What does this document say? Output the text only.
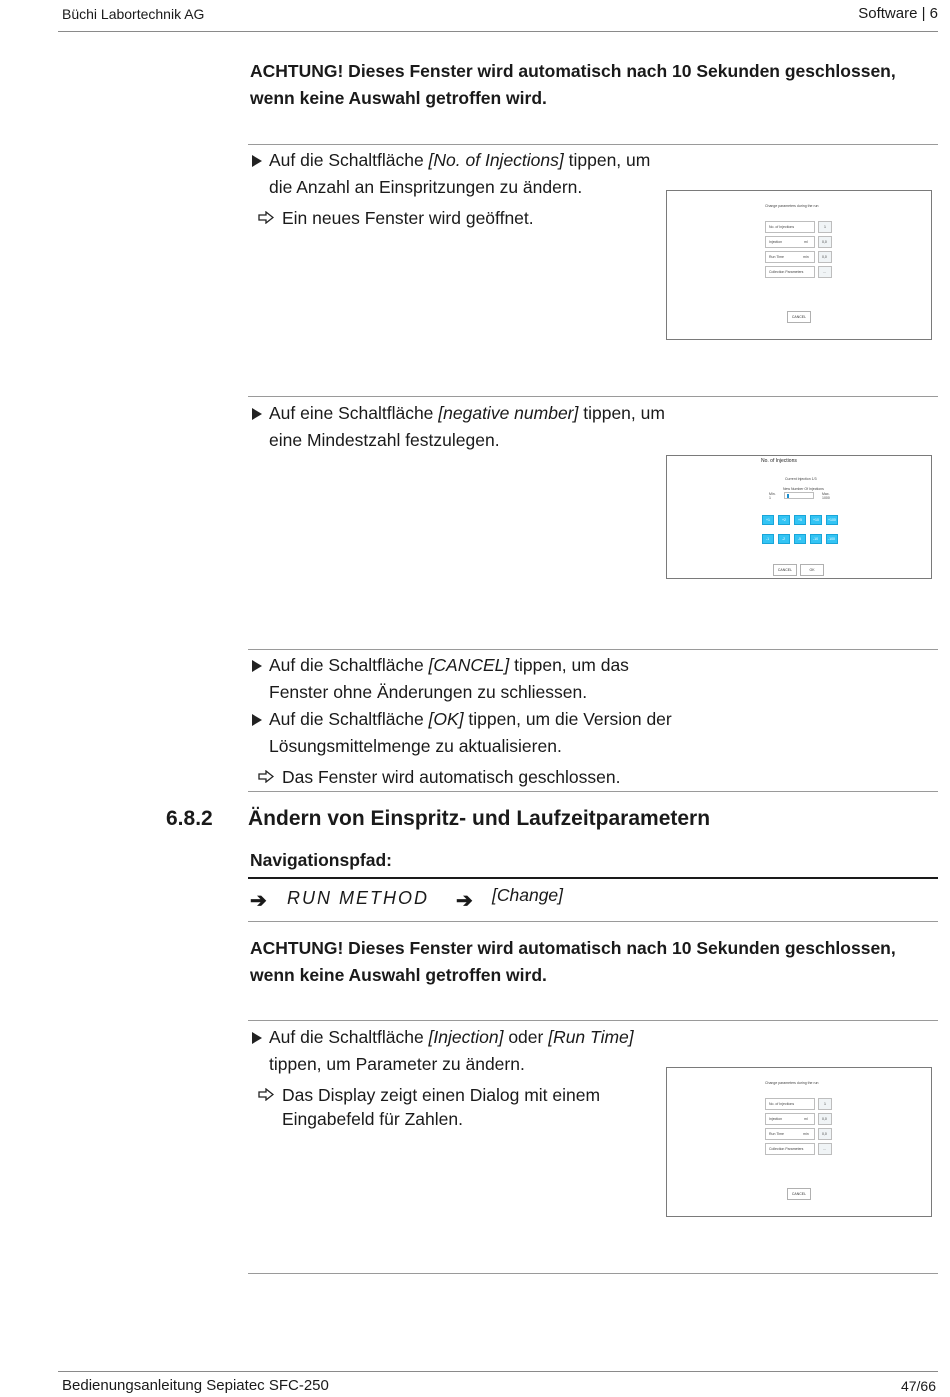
Büchi Labortechnik AG	Software | 6
ACHTUNG! Dieses Fenster wird automatisch nach 10 Sekunden geschlossen, wenn keine Auswahl getroffen wird.
Auf die Schaltfläche [No. of Injections] tippen, um die Anzahl an Einspritzungen zu ändern.
Ein neues Fenster wird geöffnet.
Change parameters during the run
No. of Injections	1
Injection	ml	0,0
Run Time	min	0,0
Collection Parameters	...
CANCEL
Auf eine Schaltfläche [negative number] tippen, um eine Mindestzahl festzulegen.
No. of Injections
Current Injection 1/3
New Number Of Injections
Min.
1
Max.
1000
+1	+2	+5	+10	+100
-1	-2	-5	-10	-100
CANCEL	OK
Auf die Schaltfläche [CANCEL] tippen, um das Fenster ohne Änderungen zu schliessen.
Auf die Schaltfläche [OK] tippen, um die Version der Lösungsmittelmenge zu aktualisieren.
Das Fenster wird automatisch geschlossen.
6.8.2 Ändern von Einspritz- und Laufzeitparametern
Navigationspfad:
➔ RUN METHOD ➔ [Change]
ACHTUNG! Dieses Fenster wird automatisch nach 10 Sekunden geschlossen, wenn keine Auswahl getroffen wird.
Auf die Schaltfläche [Injection] oder [Run Time] tippen, um Parameter zu ändern.
Das Display zeigt einen Dialog mit einem Eingabefeld für Zahlen.
Change parameters during the run
No. of Injections	1
Injection	ml	0,0
Run Time	min	0,0
Collection Parameters	...
CANCEL
Bedienungsanleitung Sepiatec SFC-250	47/66
